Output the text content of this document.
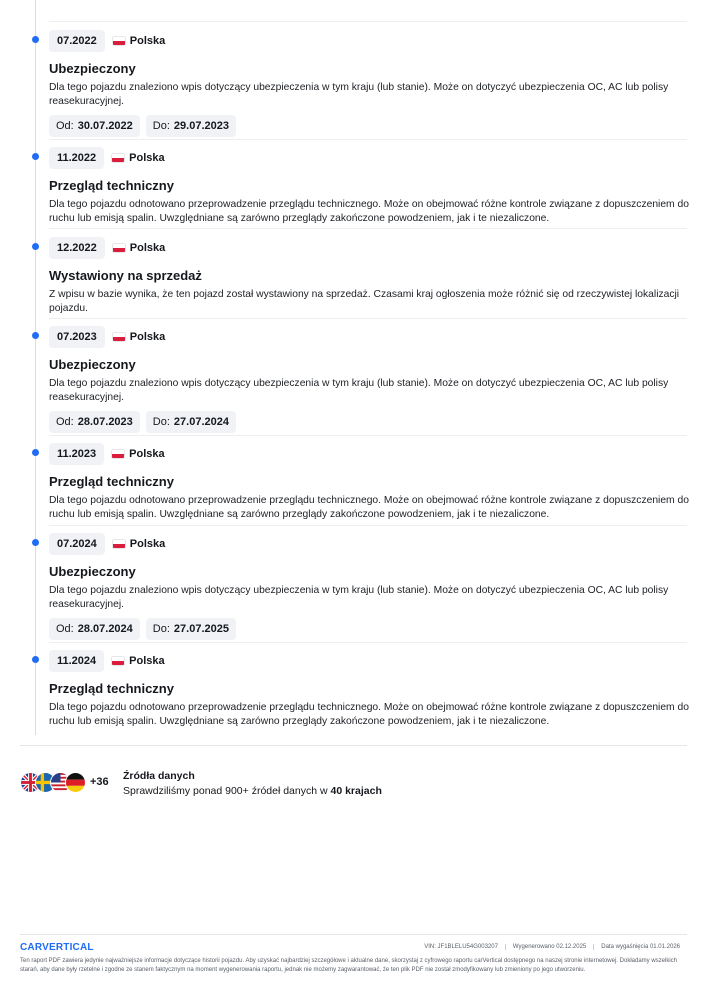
07.2022	Polska
Ubezpieczony
Dla tego pojazdu znaleziono wpis dotyczący ubezpieczenia w tym kraju (lub stanie). Może on dotyczyć ubezpieczenia OC, AC lub polisy reasekuracyjnej.
Od: 30.07.2022	Do: 29.07.2023
11.2022	Polska
Przegląd techniczny
Dla tego pojazdu odnotowano przeprowadzenie przeglądu technicznego. Może on obejmować różne kontrole związane z dopuszczeniem do ruchu lub emisją spalin. Uwzględniane są zarówno przeglądy zakończone powodzeniem, jak i te niezaliczone.
12.2022	Polska
Wystawiony na sprzedaż
Z wpisu w bazie wynika, że ten pojazd został wystawiony na sprzedaż. Czasami kraj ogłoszenia może różnić się od rzeczywistej lokalizacji pojazdu.
07.2023	Polska
Ubezpieczony
Dla tego pojazdu znaleziono wpis dotyczący ubezpieczenia w tym kraju (lub stanie). Może on dotyczyć ubezpieczenia OC, AC lub polisy reasekuracyjnej.
Od: 28.07.2023	Do: 27.07.2024
11.2023	Polska
Przegląd techniczny
Dla tego pojazdu odnotowano przeprowadzenie przeglądu technicznego. Może on obejmować różne kontrole związane z dopuszczeniem do ruchu lub emisją spalin. Uwzględniane są zarówno przeglądy zakończone powodzeniem, jak i te niezaliczone.
07.2024	Polska
Ubezpieczony
Dla tego pojazdu znaleziono wpis dotyczący ubezpieczenia w tym kraju (lub stanie). Może on dotyczyć ubezpieczenia OC, AC lub polisy reasekuracyjnej.
Od: 28.07.2024	Do: 27.07.2025
11.2024	Polska
Przegląd techniczny
Dla tego pojazdu odnotowano przeprowadzenie przeglądu technicznego. Może on obejmować różne kontrole związane z dopuszczeniem do ruchu lub emisją spalin. Uwzględniane są zarówno przeglądy zakończone powodzeniem, jak i te niezaliczone.
+36	Źródła danych
Sprawdziliśmy ponad 900+ źródeł danych w 40 krajach
CARVERTICAL	VIN: JF1BLELU54G003207	Wygenerowano 02.12.2025	Data wygaśnięcia 01.01.2026
Ten raport PDF zawiera jedynie najważniejsze informacje dotyczące historii pojazdu. Aby uzyskać najbardziej szczegółowe i aktualne dane, skorzystaj z cyfrowego raportu carVertical dostępnego na naszej stronie internetowej. Dokładamy wszelkich starań, aby dane były rzetelne i zgodne ze stanem faktycznym na moment wygenerowania raportu, jednak nie możemy zagwarantować, że ten plik PDF nie został zmodyfikowany lub zmieniony po jego utworzeniu.
